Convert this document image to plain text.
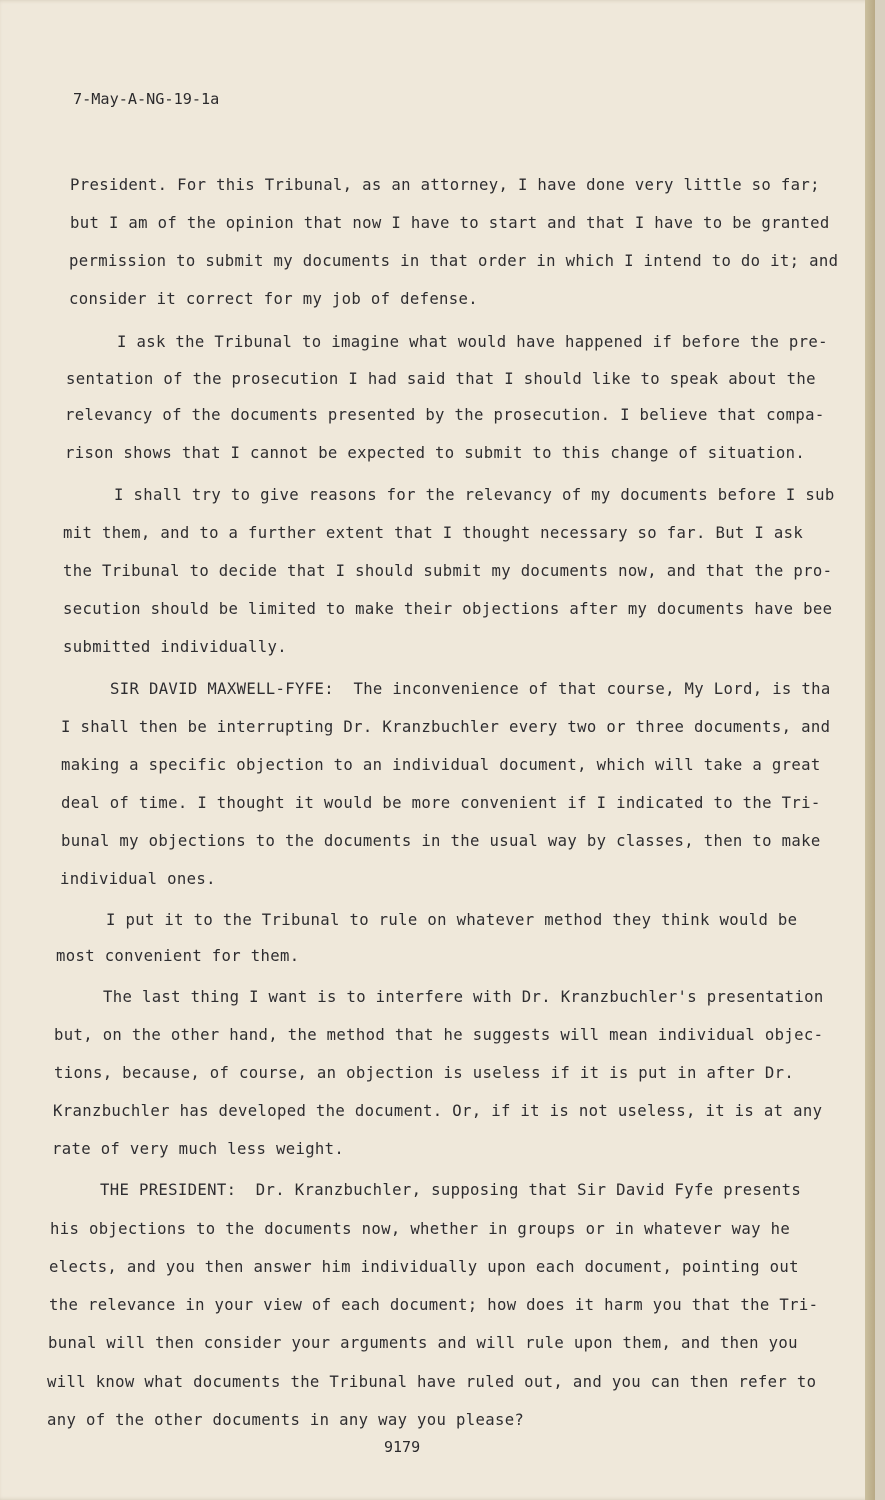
7-May-A-NG-19-1a
President. For this Tribunal, as an attorney, I have done very little so far;
but I am of the opinion that now I have to start and that I have to be granted
permission to submit my documents in that order in which I intend to do it; and
consider it correct for my job of defense.
I ask the Tribunal to imagine what would have happened if before the pre-
sentation of the prosecution I had said that I should like to speak about the
relevancy of the documents presented by the prosecution. I believe that compa-
rison shows that I cannot be expected to submit to this change of situation.
I shall try to give reasons for the relevancy of my documents before I sub
mit them, and to a further extent that I thought necessary so far. But I ask
the Tribunal to decide that I should submit my documents now, and that the pro-
secution should be limited to make their objections after my documents have bee
submitted individually.
SIR DAVID MAXWELL-FYFE:  The inconvenience of that course, My Lord, is tha
I shall then be interrupting Dr. Kranzbuchler every two or three documents, and
making a specific objection to an individual document, which will take a great
deal of time. I thought it would be more convenient if I indicated to the Tri-
bunal my objections to the documents in the usual way by classes, then to make
individual ones.
I put it to the Tribunal to rule on whatever method they think would be
most convenient for them.
The last thing I want is to interfere with Dr. Kranzbuchler's presentation
but, on the other hand, the method that he suggests will mean individual objec-
tions, because, of course, an objection is useless if it is put in after Dr.
Kranzbuchler has developed the document. Or, if it is not useless, it is at any
rate of very much less weight.
THE PRESIDENT:  Dr. Kranzbuchler, supposing that Sir David Fyfe presents
his objections to the documents now, whether in groups or in whatever way he
elects, and you then answer him individually upon each document, pointing out
the relevance in your view of each document; how does it harm you that the Tri-
bunal will then consider your arguments and will rule upon them, and then you
will know what documents the Tribunal have ruled out, and you can then refer to
any of the other documents in any way you please?
9179
